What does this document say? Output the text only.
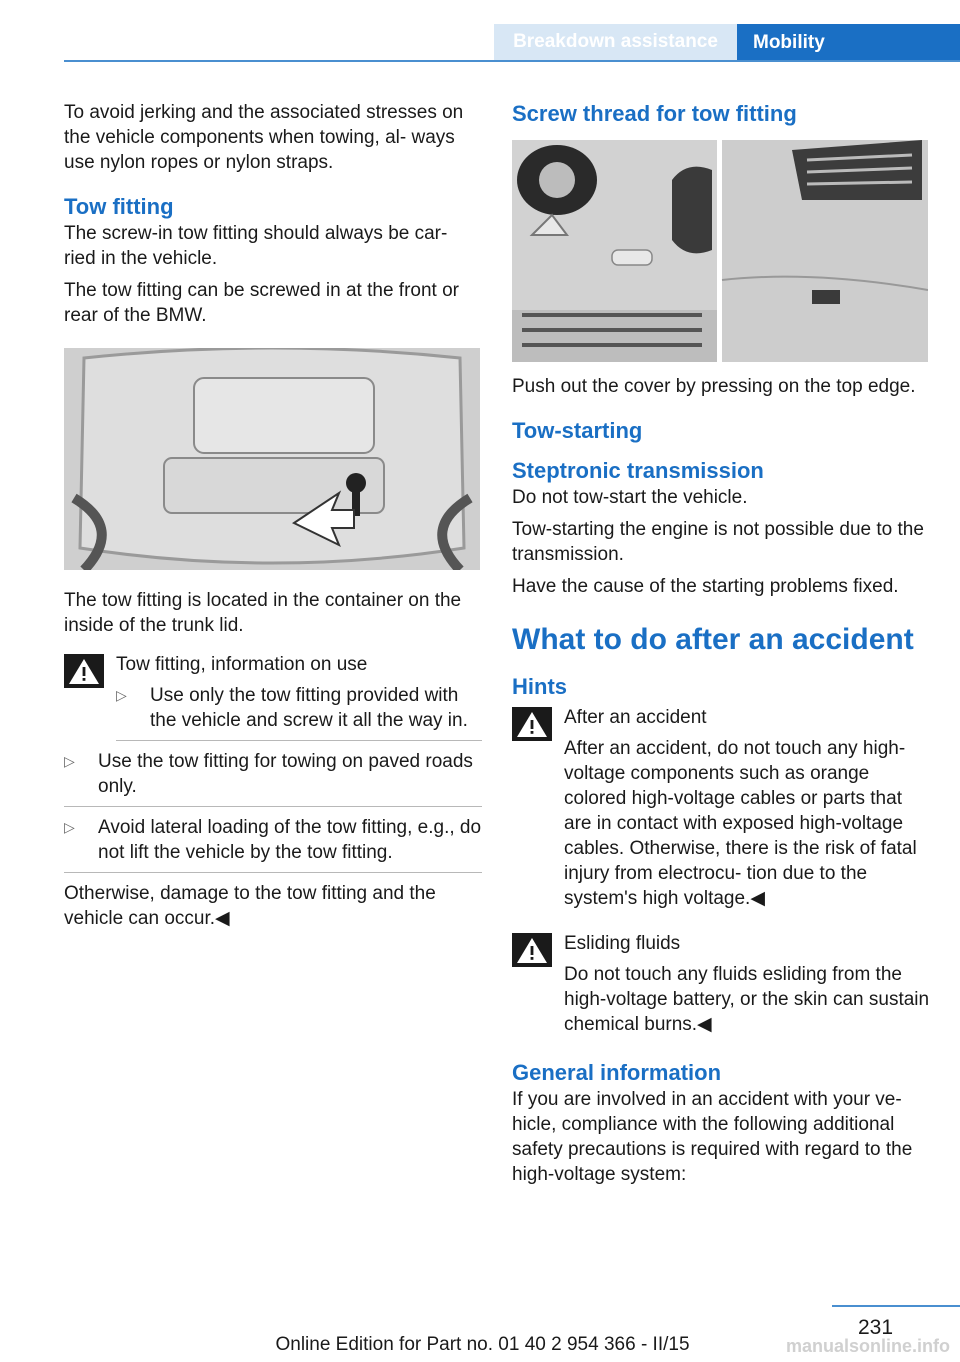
Breakdown assistance	Mobility

To avoid jerking and the associated stresses on the vehicle components when towing, al‐ ways use nylon ropes or nylon straps.

Tow fitting

The screw-in tow fitting should always be car‐ ried in the vehicle.

The tow fitting can be screwed in at the front or rear of the BMW.

The tow fitting is located in the container on the inside of the trunk lid.

Tow fitting, information on use
▷	Use only the tow fitting provided with the vehicle and screw it all the way in.
▷	Use the tow fitting for towing on paved roads only.
▷	Avoid lateral loading of the tow fitting, e.g., do not lift the vehicle by the tow fitting.

Otherwise, damage to the tow fitting and the vehicle can occur.◀

Screw thread for tow fitting

Push out the cover by pressing on the top edge.

Tow-starting
Steptronic transmission

Do not tow-start the vehicle.

Tow-starting the engine is not possible due to the transmission.

Have the cause of the starting problems fixed.

What to do after an accident
Hints
After an accident

After an accident, do not touch any high- voltage components such as orange colored high-voltage cables or parts that are in contact with exposed high-voltage cables. Otherwise, there is the risk of fatal injury from electrocu‐ tion due to the system's high voltage.◀

Esliding fluids

Do not touch any fluids esliding from the high-voltage battery, or the skin can sustain chemical burns.◀

General information

If you are involved in an accident with your ve‐ hicle, compliance with the following additional safety precautions is required with regard to the high-voltage system:

231
Online Edition for Part no. 01 40 2 954 366 - II/15	manualsonline.info
